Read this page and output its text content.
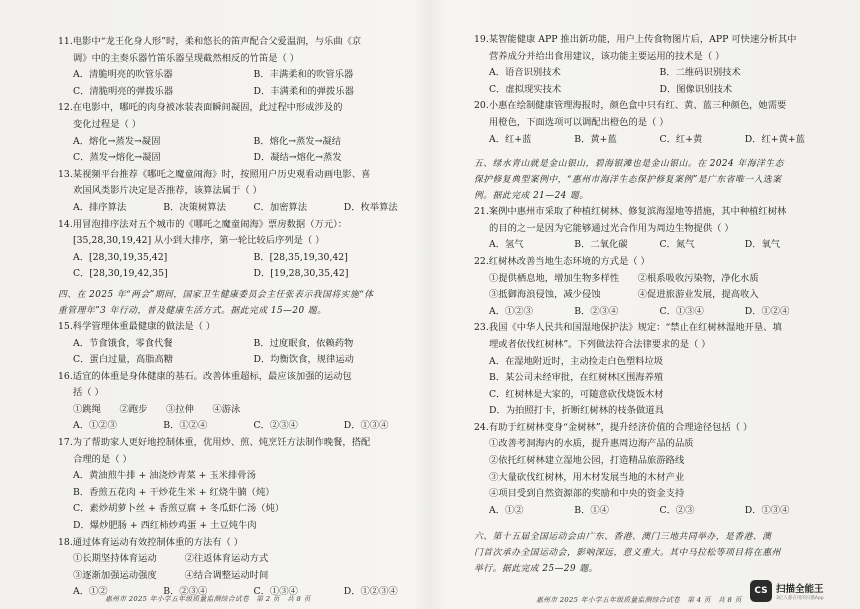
11.电影中“龙王化身人形”时，柔和悠长的笛声配合父爱温润，与乐曲《京
调》中的主奏乐器竹笛乐器呈现截然相反的竹笛是（ ）
A．清脆明亮的吹管乐器	B．丰满柔和的吹管乐器
C．清脆明亮的弹拨乐器	D．丰满柔和的弹拨乐器
12.在电影中，哪吒的肉身被冰装表面瞬间凝固，此过程中形成涉及的
变化过程是（ ）
A．熔化→蒸发→凝固	B．熔化→蒸发→凝结
C．蒸发→熔化→凝固	D．凝结→熔化→蒸发
13.某视频平台推荐《哪吒之魔童闹海》时，按照用户历史观看动画电影、喜
欢国风类影片决定是否推荐，该算法属于（ ）
A．排序算法	B．决策树算法	C．加密算法	D．枚举算法
14.用冒泡排序法对五个城市的《哪吒之魔童闹海》票房数据（万元）：
[35,28,30,19,42] 从小到大排序，第一轮比较后序列是（ ）
A．[28,30,19,35,42]	B．[28,35,19,30,42]
C．[28,30,19,42,35]	D．[19,28,30,35,42]
四、在 2025 年“两会”期间，国家卫生健康委员会主任张表示我国将实施“体
重管理年”3 年行动，普及健康生活方式。据此完成 15—20 题。
15.科学管理体重最健康的做法是（ ）
A．节食饿食，零食代餐	B．过度眠食，依赖药物
C．蛋白过量，高脂高糖	D．均衡饮食，规律运动
16.适宜的体重是身体健康的基石。改善体重超标，最应该加强的运动包
括（ ）
①跳绳　　②跑步　　③拉伸　　④游泳
A．①②③	B．①②④	C．②③④	D．①③④
17.为了帮助家人更好地控制体重，优用炒、煎、炖烹饪方法制作晚餐，搭配
合理的是（ ）
A．黄油煎牛排 + 油浇炒青菜 + 玉米排骨汤
B．香煎五花肉 + 干炒花生米 + 红烧牛腩（炖）
C．素炒胡萝卜丝 + 香煎豆腐 + 冬瓜虾仁汤（炖）
D．爆炒肥肠 + 西红柿炒鸡蛋 + 土豆炖牛肉
18.通过体育运动有效控制体重的方法有（ ）
①长期坚持体育运动　　　②往返体育运动方式
③逐渐加强运动强度　　　④结合调整运动时间
A．①②	B．②③④	C．①③④	D．①②③④
惠州市 2025 年小学五年级质量监测综合试卷　第 2 页　共 8 页
19.某智能健康 APP 推出新功能，用户上传食物图片后，APP 可快速分析其中
营养成分并给出食用建议，该功能主要运用的技术是（ ）
A．语音识别技术	B．二维码识别技术
C．虚拟现实技术	D．图像识别技术
20.小惠在绘制健康管理海报时，颜色盒中只有红、黄、蓝三种颜色，她需要
用橙色，下面选项可以调配出橙色的是（ ）
A．红+蓝	B．黄+蓝	C．红+黄	D．红+黄+蓝
五、绿水青山就是金山银山，碧海银滩也是金山银山。在 2024 年海洋生态
保护修复典型案例中，“惠州市海洋生态保护修复案例”是广东省唯一入选案
例。据此完成 21—24 题。
21.案例中惠州市采取了种植红树林、修复滨海湿地等措施，其中种植红树林
的目的之一是因为它能够通过光合作用为周边生物提供（ ）
A．氢气	B．二氧化碳	C．氮气	D．氧气
22.红树林改善当地生态环境的方式是（ ）
①提供栖息地，增加生物多样性　　②根系吸收污染物，净化水质
③抵御海浪侵蚀，减少侵蚀　　　　④促进旅游业发展，提高收入
A．①②③	B．②③④	C．①③④	D．①②④
23.我国《中华人民共和国湿地保护法》规定：“禁止在红树林湿地开垦、填
埋或者依伐红树林”。下列做法符合法律要求的是（ ）
A．在湿地附近时，主动捡走白色塑料垃圾
B．某公司未经审批，在红树林区围海养殖
C．红树林是大家的，可随意砍伐烧饭木材
D．为拍照打卡，折断红树林的枝条做道具
24.有助于红树林变身“金树林”，提升经济价值的合理途径包括（ ）
①改善考洞海内的水质，提升惠周边海产品的品质
②依托红树林建立湿地公园，打造精品旅游路线
③大量砍伐红树林，用木材发展当地的木材产业
④项目受到自然资源部的奖励和中央的资金支持
A．①②	B．①④	C．②③	D．①③④
六、第十五届全国运动会由广东、香港、澳门三地共同举办，是香港、澳
门首次承办全国运动会，影响深远，意义重大。其中马拉松等项目将在惠州
举行。据此完成 25—29 题。
惠州市 2025 年小学五年级质量监测综合试卷　第 4 页　共 8 页
CS 扫描全能王
3亿人都在用的扫描App
